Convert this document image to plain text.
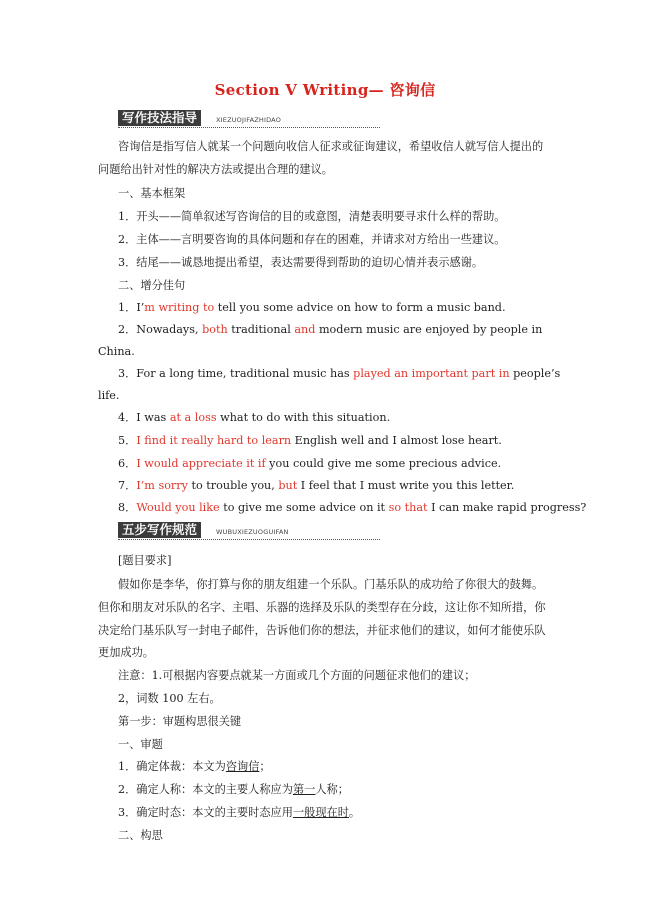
Section Ⅴ Writing— 咨询信
写作技法指导	XIEZUOJIFAZHIDAO
咨询信是指写信人就某一个问题向收信人征求或征询建议，希望收信人就写信人提出的
问题给出针对性的解决方法或提出合理的建议。
一、基本框架
1．开头——简单叙述写咨询信的目的或意图，清楚表明要寻求什么样的帮助。
2．主体——言明要咨询的具体问题和存在的困难，并请求对方给出一些建议。
3．结尾——诚恳地提出希望，表达需要得到帮助的迫切心情并表示感谢。
二、增分佳句
1．I’m writing to tell you some advice on how to form a music band.
2．Nowadays, both traditional and modern music are enjoyed by people in
China.
3．For a long time, traditional music has played an important part in people’s
life.
4．I was at a loss what to do with this situation.
5．I find it really hard to learn English well and I almost lose heart.
6．I would appreciate it if you could give me some precious advice.
7．I’m sorry to trouble you, but I feel that I must write you this letter.
8．Would you like to give me some advice on it so that I can make rapid progress?
五步写作规范	WUBUXIEZUOGUIFAN
[题目要求]
假如你是李华，你打算与你的朋友组建一个乐队。门基乐队的成功给了你很大的鼓舞。
但你和朋友对乐队的名字、主唱、乐器的选择及乐队的类型存在分歧，这让你不知所措，你
决定给门基乐队写一封电子邮件，告诉他们你的想法，并征求他们的建议，如何才能使乐队
更加成功。
注意：1.可根据内容要点就某一方面或几个方面的问题征求他们的建议；
2，词数 100 左右。
第一步：审题构思很关键
一、审题
1．确定体裁：本文为咨询信；
2．确定人称：本文的主要人称应为第一人称；
3．确定时态：本文的主要时态应用一般现在时。
二、构思
